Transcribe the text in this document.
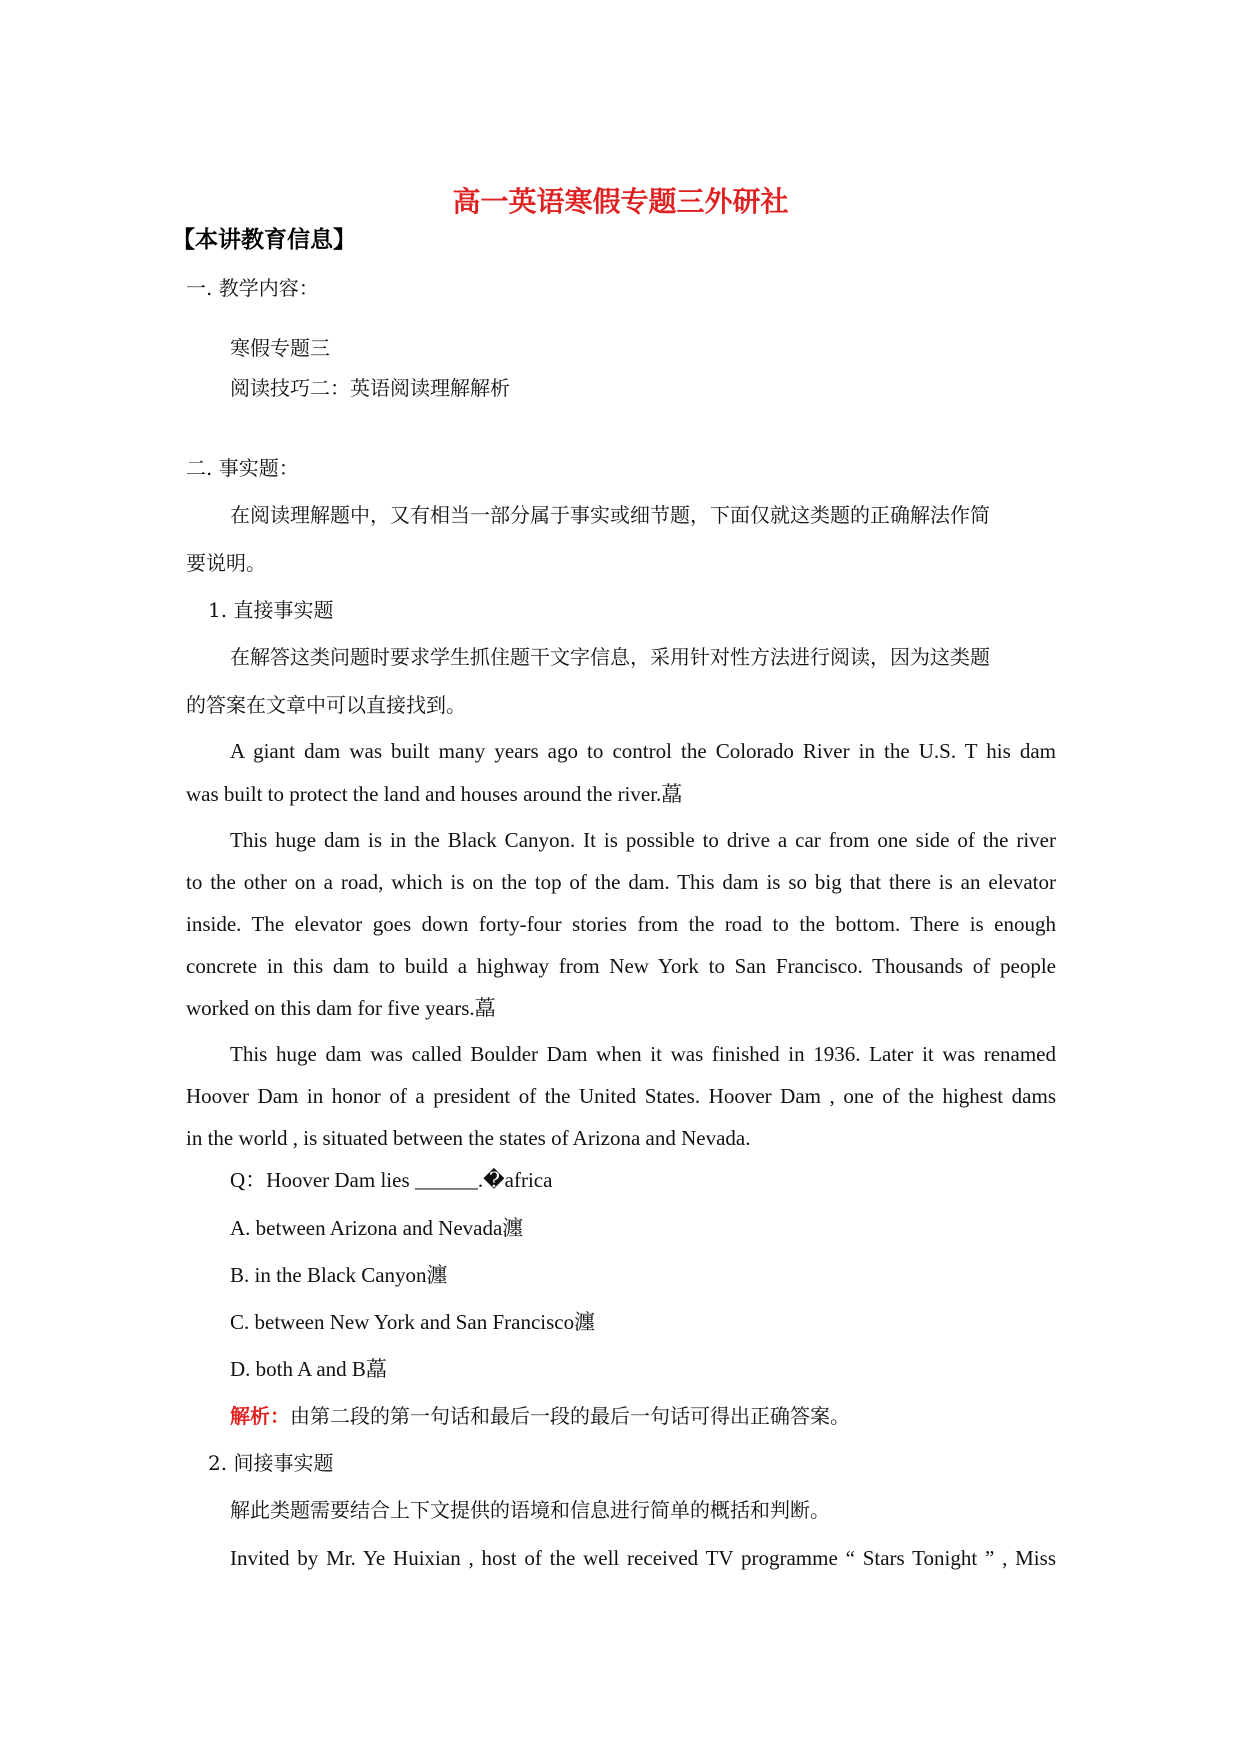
高一英语寒假专题三外研社
【本讲教育信息】
一. 教学内容：
寒假专题三
阅读技巧二：英语阅读理解解析
二. 事实题：
在阅读理解题中，又有相当一部分属于事实或细节题，下面仅就这类题的正确解法作简
要说明。
1. 直接事实题
在解答这类问题时要求学生抓住题干文字信息，采用针对性方法进行阅读，因为这类题
的答案在文章中可以直接找到。
A giant dam was built many years ago to control the Colorado River in the U.S. T his dam
was built to protect the land and houses around the river.藠
This huge dam is in the Black Canyon. It is possible to drive a car from one side of the river
to the other on a road, which is on the top of the dam. This dam is so big that there is an elevator
inside. The elevator goes down forty-four stories from the road to the bottom. There is enough
concrete in this dam to build a highway from New York to San Francisco. Thousands of people
worked on this dam for five years.藠
This huge dam was called Boulder Dam when it was finished in 1936. Later it was renamed
Hoover Dam in honor of a president of the United States. Hoover Dam , one of the highest dams
in the world , is situated between the states of Arizona and Nevada.
Q：Hoover Dam lies ______.�africa
A. between Arizona and Nevada瀍
B. in the Black Canyon瀍
C. between New York and San Francisco瀍
D. both A and B藠
解析：由第二段的第一句话和最后一段的最后一句话可得出正确答案。
2. 间接事实题
解此类题需要结合上下文提供的语境和信息进行简单的概括和判断。
Invited by Mr. Ye Huixian , host of the well received TV programme “ Stars Tonight ” , Miss
